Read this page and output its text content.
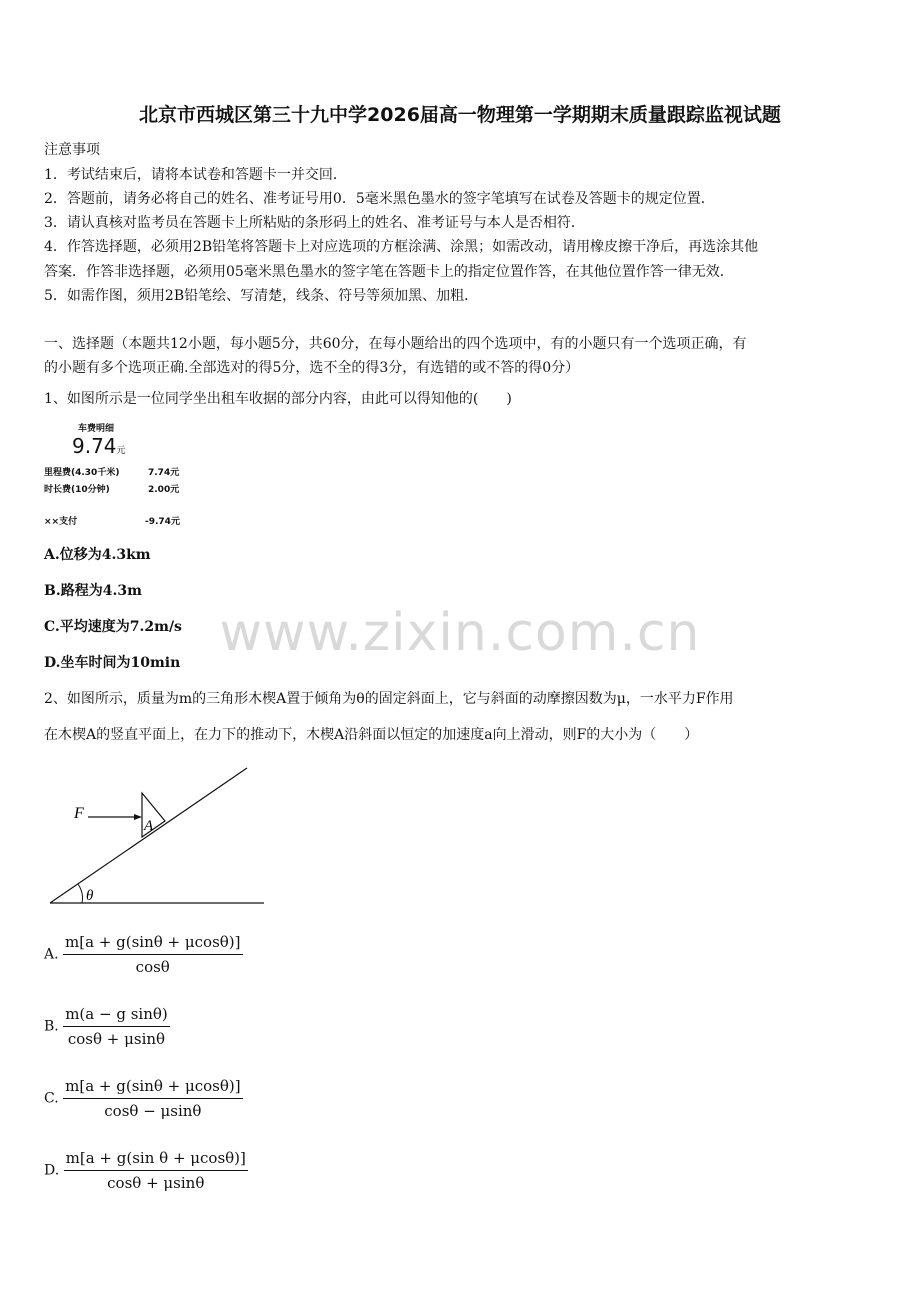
北京市西城区第三十九中学2026届高一物理第一学期期末质量跟踪监视试题
注意事项
1．考试结束后，请将本试卷和答题卡一并交回．
2．答题前，请务必将自己的姓名、准考证号用0．5毫米黑色墨水的签字笔填写在试卷及答题卡的规定位置．
3．请认真核对监考员在答题卡上所粘贴的条形码上的姓名、准考证号与本人是否相符．
4．作答选择题，必须用2B铅笔将答题卡上对应选项的方框涂满、涂黑；如需改动，请用橡皮擦干净后，再选涂其他
答案．作答非选择题，必须用05毫米黑色墨水的签字笔在答题卡上的指定位置作答，在其他位置作答一律无效．
5．如需作图，须用2B铅笔绘、写清楚，线条、符号等须加黑、加粗．
一、选择题（本题共12小题，每小题5分，共60分，在每小题给出的四个选项中，有的小题只有一个选项正确，有
的小题有多个选项正确.全部选对的得5分，选不全的得3分，有选错的或不答的得0分）
1、如图所示是一位同学坐出租车收据的部分内容，由此可以得知他的(　　)
车费明细
9.74元
里程费(4.30千米)	7.74元
时长费(10分钟)	2.00元
××支付	-9.74元
A.位移为4.3km
B.路程为4.3m
C.平均速度为7.2m/s
D.坐车时间为10min www.zixin.com.cn
2、如图所示，质量为m的三角形木楔A置于倾角为θ的固定斜面上，它与斜面的动摩擦因数为μ，一水平力F作用
在木楔A的竖直平面上，在力下的推动下，木楔A沿斜面以恒定的加速度a向上滑动，则F的大小为（　　）
F
A
θ
A. $\frac{m[a + g(\sin\theta + \mu\cos\theta)]}{\cos\theta}$
B. $\frac{\text{m(a − g sinθ)}}{\cos\theta + \mu\sin\theta}$
C. $\frac{m[a + g(\sin\theta + \mu\cos\theta)]}{\cos\theta - \mu\sin\theta}$
D. $\frac{\text{m[a + g(sin θ + μcosθ)]}}{\cos\theta + \mu\sin\theta}$
